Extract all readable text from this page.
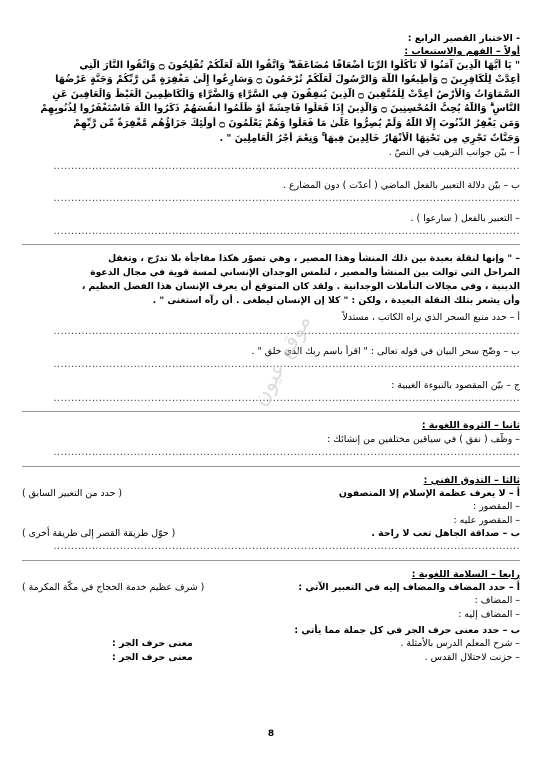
موقع عيون
- الاختبار القصير الرابع :
أولاً – الفهم والاستيعاب :
" يَا أَيُّهَا الَّذِينَ آمَنُوا لَا تَأْكُلُوا الرِّبَا أَضْعَافًا مُضَاعَفَةً ۖ وَاتَّقُوا اللَّهَ لَعَلَّكُمْ تُفْلِحُونَ ۝ وَاتَّقُوا النَّارَ الَّتِي
أُعِدَّتْ لِلْكَافِرِينَ ۝ وَأَطِيعُوا اللَّهَ وَالرَّسُولَ لَعَلَّكُمْ تُرْحَمُونَ ۝ وَسَارِعُوا إِلَىٰ مَغْفِرَةٍ مِّن رَّبِّكُمْ وَجَنَّةٍ عَرْضُهَا
السَّمَاوَاتُ وَالْأَرْضُ أُعِدَّتْ لِلْمُتَّقِينَ ۝ الَّذِينَ يُنفِقُونَ فِي السَّرَّاءِ وَالضَّرَّاءِ وَالْكَاظِمِينَ الْغَيْظَ وَالْعَافِينَ عَنِ
النَّاسِ ۗ وَاللَّهُ يُحِبُّ الْمُحْسِنِينَ ۝ وَالَّذِينَ إِذَا فَعَلُوا فَاحِشَةً أَوْ ظَلَمُوا أَنفُسَهُمْ ذَكَرُوا اللَّهَ فَاسْتَغْفَرُوا لِذُنُوبِهِمْ
وَمَن يَغْفِرُ الذُّنُوبَ إِلَّا اللَّهُ وَلَمْ يُصِرُّوا عَلَىٰ مَا فَعَلُوا وَهُمْ يَعْلَمُونَ ۝ أُولَٰئِكَ جَزَاؤُهُم مَّغْفِرَةٌ مِّن رَّبِّهِمْ
وَجَنَّاتٌ تَجْرِي مِن تَحْتِهَا الْأَنْهَارُ خَالِدِينَ فِيهَا ۚ وَنِعْمَ أَجْرُ الْعَامِلِينَ " .
أ – بيّن جوانب الترهيب في النصّ .
......................................................................................................................................
ب – بيّن دلالة التعبير بالفعل الماضي ( أعدّت ) دون المضارع .
......................................................................................................................................
– التعبير بالفعل ( سارعوا ) .
......................................................................................................................................
– " وإنها لنقلة بعيدة بين ذلك المنشأ وهذا المصير ، وهي تصوّر هكذا مفاجأة بلا تدرّج ، وتغفل
المراحل التي توالت بين المنشأ والمصير ، لتلمس الوجدان الإنساني لمسة قوية في مجال الدعوة
الدينية ، وفي مجالات التأملات الوجدانية . ولقد كان المتوقع أن يعرف الإنسان هذا الفضل العظيم ،
وأن يشعر بتلك النقلة البعيدة ، ولكن : " كلا إن الإنسان ليطغى . أن رآه استغنى " .
أ – حدد منبع السحر الذي يراه الكاتب ، مستدلاً
......................................................................................................................................
ب – وضّح سحر البيان في قوله تعالى : " اقرأ باسم ربك الذي خلق " .
......................................................................................................................................
ج – بيّن المقصود بالنبوءة الغيبية :
......................................................................................................................................
ثانيا – الثروة اللغوية :
– وظّف ( نفق ) في سياقين مختلفين من إنشائك :
......................................................................................................................................
ثالثا – التذوق الفني :
أ – لا يعرف عظمة الإسلام إلا المنصفون
( حدد من التعبير السابق )
– المقصور :
– المقصور عليه :
ب – صداقة الجاهل تعب لا راحة .
( حوّل طريقة القصر إلى طريقة أخرى )
......................................................................................................................................
رابعا – السلامة اللغوية :
أ – حدد المضاف والمضاف إليه في التعبير الآتي :
( شرف عظيم خدمة الحجاج في مكّة المكرمة )
– المضاف :
– المضاف إليه :
ب – حدد معنى حرف الجر في كل جملة مما يأتي :
– شرح المعلم الدرس بالأمثلة .
معنى حرف الجر :
– حزنت لاحتلال القدس .
معنى حرف الجر :
8
